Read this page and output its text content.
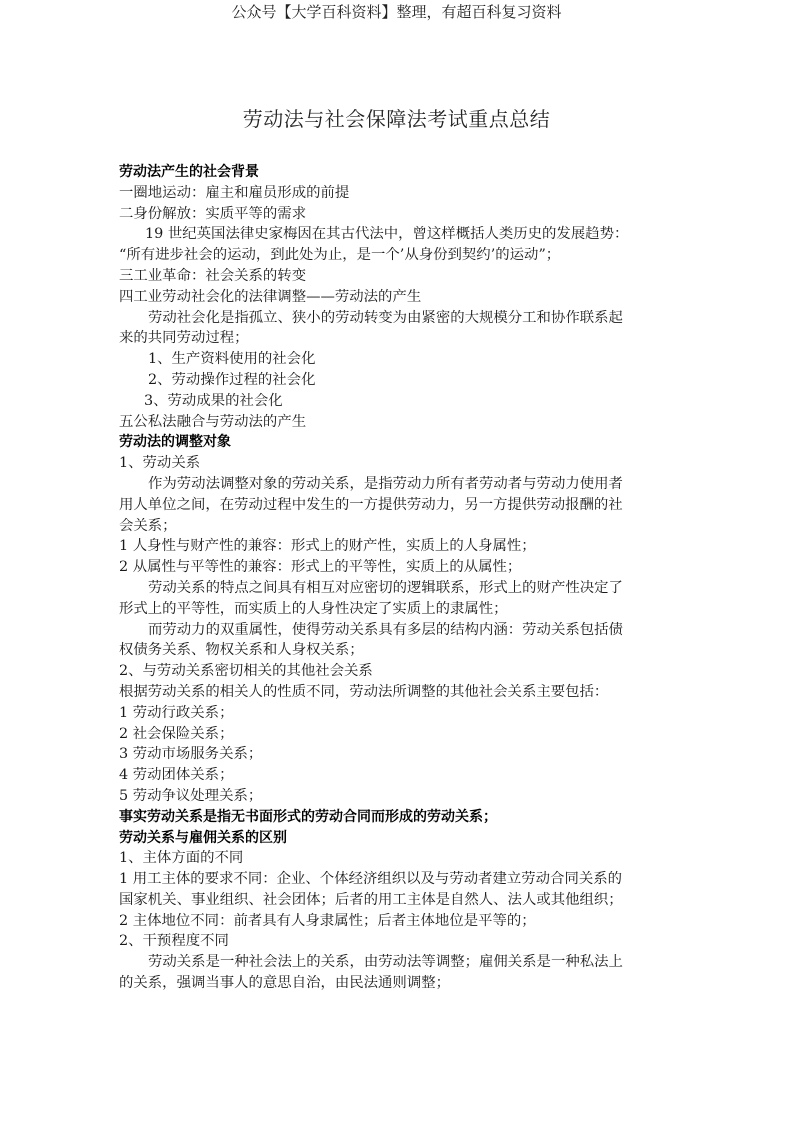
公众号【大学百科资料】整理，有超百科复习资料
劳动法与社会保障法考试重点总结
劳动法产生的社会背景
一圈地运动：雇主和雇员形成的前提
二身份解放：实质平等的需求
19 世纪英国法律史家梅因在其古代法中，曾这样概括人类历史的发展趋势：
“所有进步社会的运动，到此处为止，是一个’从身份到契约’的运动”；
三工业革命：社会关系的转变
四工业劳动社会化的法律调整——劳动法的产生
劳动社会化是指孤立、狭小的劳动转变为由紧密的大规模分工和协作联系起
来的共同劳动过程；
1、生产资料使用的社会化
2、劳动操作过程的社会化
3、劳动成果的社会化
五公私法融合与劳动法的产生
劳动法的调整对象
1、劳动关系
作为劳动法调整对象的劳动关系，是指劳动力所有者劳动者与劳动力使用者
用人单位之间，在劳动过程中发生的一方提供劳动力，另一方提供劳动报酬的社
会关系；
1 人身性与财产性的兼容：形式上的财产性，实质上的人身属性；
2 从属性与平等性的兼容：形式上的平等性，实质上的从属性；
劳动关系的特点之间具有相互对应密切的逻辑联系，形式上的财产性决定了
形式上的平等性，而实质上的人身性决定了实质上的隶属性；
而劳动力的双重属性，使得劳动关系具有多层的结构内涵：劳动关系包括债
权债务关系、物权关系和人身权关系；
2、与劳动关系密切相关的其他社会关系
根据劳动关系的相关人的性质不同，劳动法所调整的其他社会关系主要包括：
1 劳动行政关系；
2 社会保险关系；
3 劳动市场服务关系；
4 劳动团体关系；
5 劳动争议处理关系；
事实劳动关系是指无书面形式的劳动合同而形成的劳动关系；
劳动关系与雇佣关系的区别
1、主体方面的不同
1 用工主体的要求不同：企业、个体经济组织以及与劳动者建立劳动合同关系的
国家机关、事业组织、社会团体；后者的用工主体是自然人、法人或其他组织；
2 主体地位不同：前者具有人身隶属性；后者主体地位是平等的；
2、干预程度不同
劳动关系是一种社会法上的关系，由劳动法等调整；雇佣关系是一种私法上
的关系，强调当事人的意思自治，由民法通则调整；
